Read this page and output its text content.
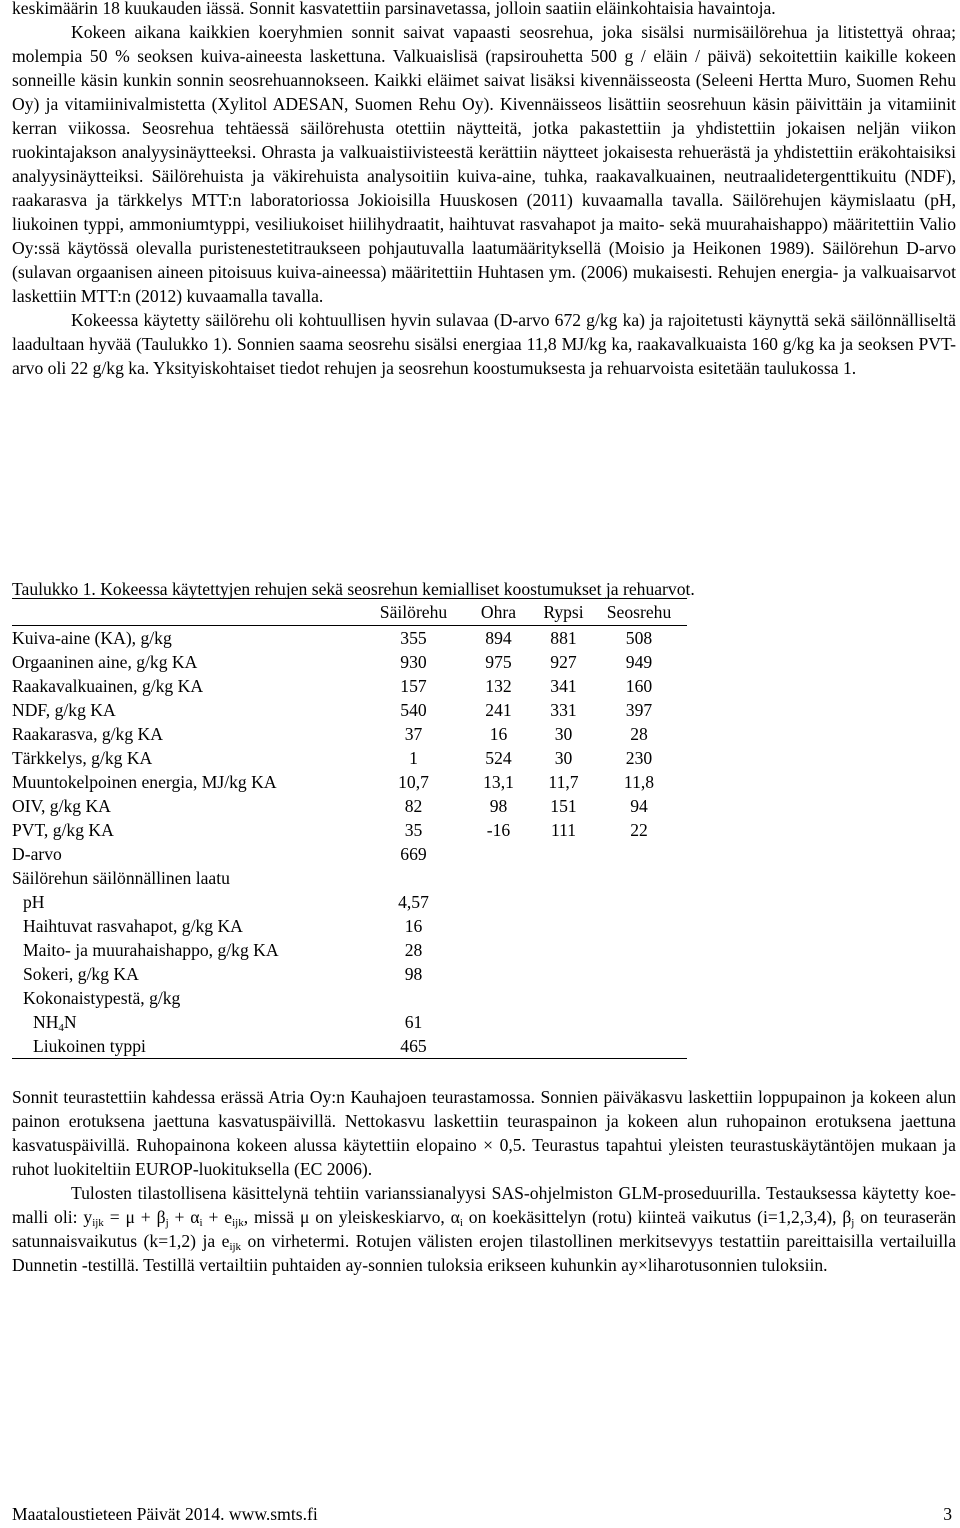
keskimäärin 18 kuukauden iässä. Sonnit kasvatettiin parsinavetassa, jolloin saatiin eläinkohtaisia havaintoja.

Kokeen aikana kaikkien koeryhmien sonnit saivat vapaasti seosrehua, joka sisälsi nurmisäilörehua ja litistettyä ohraa; molempia 50 % seoksen kuiva-aineesta laskettuna. Valkuaislisä (rapsirouhetta 500 g / eläin / päivä) sekoitettiin kaikille kokeen sonneille käsin kunkin sonnin seosrehuannokseen. Kaikki eläimet saivat lisäksi kivennäisseosta (Seleeni Hertta Muro, Suomen Rehu Oy) ja vitamiinivalmistetta (Xylitol ADESAN, Suomen Rehu Oy). Kivennäisseos lisättiin seosrehuun käsin päivittäin ja vitamiinit kerran viikossa. Seosrehua tehtäessä säilörehusta otettiin näytteitä, jotka pakastettiin ja yhdistettiin jokaisen neljän viikon ruokintajakson analyysinäytteeksi. Ohrasta ja valkuaistiivisteestä kerättiin näytteet jokaisesta rehuerästä ja yhdistettiin eräkohtaisiksi analyysinäytteiksi. Säilörehuista ja väkirehuista analysoitiin kuiva-aine, tuhka, raakavalkuainen, neutraalidetergenttikuitu (NDF), raakarasva ja tärkkelys MTT:n laboratoriossa Jokioisilla Huuskosen (2011) kuvaamalla tavalla. Säilörehujen käymislaatu (pH, liukoinen typpi, ammoniumtyppi, vesiliukoiset hiilihydraatit, haihtuvat rasvahapot ja maito- sekä muurahaishappo) määritettiin Valio Oy:ssä käytössä olevalla puristenestetitraukseen pohjautuvalla laatumäärityksellä (Moisio ja Heikonen 1989). Säilörehun D-arvo (sulavan orgaanisen aineen pitoisuus kuiva-aineessa) määritettiin Huhtasen ym. (2006) mukaisesti. Rehujen energia- ja valkuaisarvot laskettiin MTT:n (2012) kuvaamalla tavalla.

Kokeessa käytetty säilörehu oli kohtuullisen hyvin sulavaa (D-arvo 672 g/kg ka) ja rajoitetusti käynyttä sekä säilönnälliseltä laadultaan hyvää (Taulukko 1). Sonnien saama seosrehu sisälsi energiaa 11,8 MJ/kg ka, raakavalkuaista 160 g/kg ka ja seoksen PVT-arvo oli 22 g/kg ka. Yksityiskohtaiset tiedot rehujen ja seosrehun koostumuksesta ja rehuarvoista esitetään taulukossa 1.

Taulukko 1. Kokeessa käytettyjen rehujen sekä seosrehun kemialliset koostumukset ja rehuarvot.

	Säilörehu	Ohra	Rypsi	Seosrehu
Kuiva-aine (KA), g/kg	355	894	881	508
Orgaaninen aine, g/kg KA	930	975	927	949
Raakavalkuainen, g/kg KA	157	132	341	160
NDF, g/kg KA	540	241	331	397
Raakarasva, g/kg KA	37	16	30	28
Tärkkelys, g/kg KA	1	524	30	230
Muuntokelpoinen energia, MJ/kg KA	10,7	13,1	11,7	11,8
OIV, g/kg KA	82	98	151	94
PVT, g/kg KA	35	-16	111	22
D-arvo	669			
Säilörehun säilönnällinen laatu				
pH	4,57			
Haihtuvat rasvahapot, g/kg KA	16			
Maito- ja muurahaishappo, g/kg KA	28			
Sokeri, g/kg KA	98			
Kokonaistypestä, g/kg				
$NH_4N$	61			
Liukoinen typpi	465			

Sonnit teurastettiin kahdessa erässä Atria Oy:n Kauhajoen teurastamossa. Sonnien päiväkasvu laskettiin loppupainon ja kokeen alun painon erotuksena jaettuna kasvatuspäivillä. Nettokasvu laskettiin teuraspainon ja kokeen alun ruhopainon erotuksena jaettuna kasvatuspäivillä. Ruhopainona kokeen alussa käytettiin elopaino × 0,5. Teurastus tapahtui yleisten teurastuskäytäntöjen mukaan ja ruhot luokiteltiin EUROP-luokituksella (EC 2006).

Tulosten tilastollisena käsittelynä tehtiin varianssianalyysi SAS-ohjelmiston GLM-proseduurilla. Testauksessa käytetty koe-malli oli: $y_{ijk} = \mu + \beta_j + \alpha_i + e_{ijk}$, missä μ on yleiskeskiarvo, $\alpha_i$ on koekäsittelyn (rotu) kiinteä vaikutus (i=1,2,3,4), $\beta_j$ on teuraserän satunnaisvaikutus (k=1,2) ja $e_{ijk}$ on virhetermi. Rotujen välisten erojen tilastollinen merkitsevyys testattiin pareittaisilla vertailuilla Dunnetin -testillä. Testillä vertailtiin puhtaiden ay-sonnien tuloksia erikseen kuhunkin ay×liharotusonnien tuloksiin.

Maataloustieteen Päivät 2014. www.smts.fi	3
